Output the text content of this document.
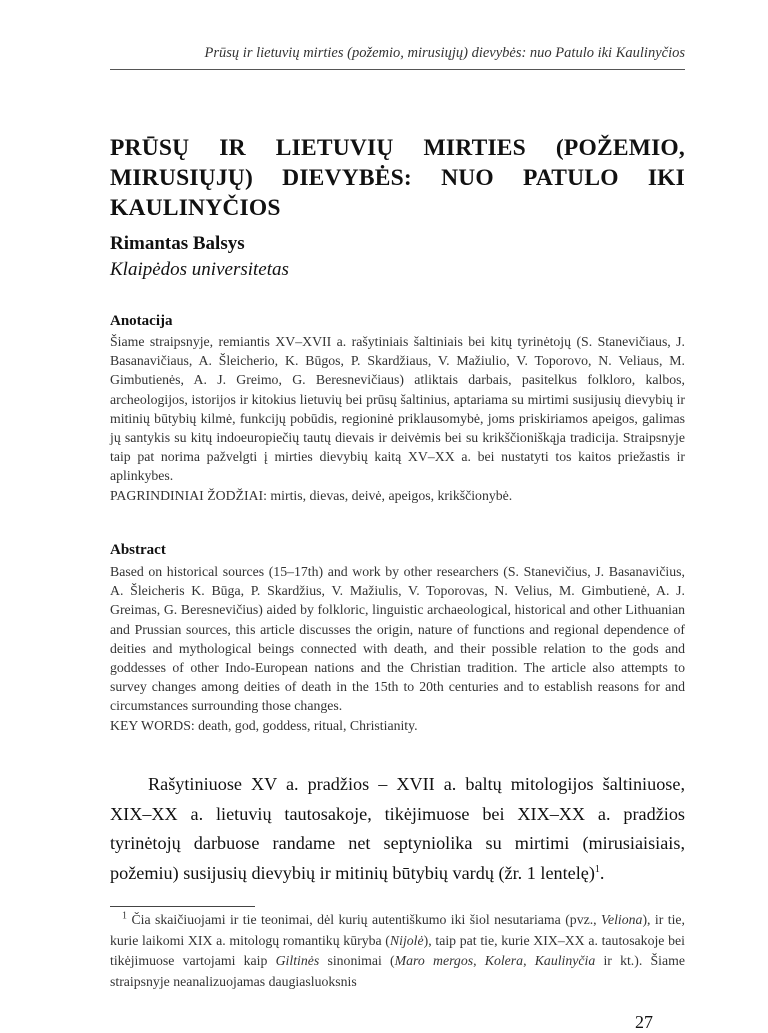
Prūsų ir lietuvių mirties (požemio, mirusiųjų) dievybės: nuo Patulo iki Kaulinyčios
PRŪSŲ IR LIETUVIŲ MIRTIES (POŽEMIO,
MIRUSIŲJŲ) DIEVYBĖS: NUO PATULO IKI
KAULINYČIOS
Rimantas Balsys
Klaipėdos universitetas
Anotacija

Šiame straipsnyje, remiantis XV–XVII a. rašytiniais šaltiniais bei kitų tyrinėtojų (S. Stanevičiaus, J. Basanavičiaus, A. Šleicherio, K. Būgos, P. Skardžiaus, V. Mažiulio, V. Toporovo, N. Veliaus, M. Gimbutienės, A. J. Greimo, G. Beresnevičiaus) atliktais darbais, pasitelkus folkloro, kalbos, archeologijos, istorijos ir kitokius lietuvių bei prūsų šaltinius, aptariama su mirtimi susijusių dievybių ir mitinių būtybių kilmė, funkcijų pobūdis, regioninė priklausomybė, joms priskiriamos apeigos, galimas jų santykis su kitų indoeuropiečių tautų dievais ir deivėmis bei su krikščioniškąja tradicija. Straipsnyje taip pat norima pažvelgti į mirties dievybių kaitą XV–XX a. bei nustatyti tos kaitos priežastis ir aplinkybes.

PAGRINDINIAI ŽODŽIAI: mirtis, dievas, deivė, apeigos, krikščionybė.

Abstract

Based on historical sources (15–17th) and work by other researchers (S. Stanevičius, J. Basanavičius, A. Šleicheris K. Būga, P. Skardžius, V. Mažiulis, V. Toporovas, N. Velius, M. Gimbutienė, A. J. Greimas, G. Beresnevičius) aided by folkloric, linguistic archaeological, historical and other Lithuanian and Prussian sources, this article discusses the origin, nature of functions and regional dependence of deities and mythological beings connected with death, and their possible relation to the gods and goddesses of other Indo-European nations and the Christian tradition. The article also attempts to survey changes among deities of death in the 15th to 20th centuries and to establish reasons for and circumstances surrounding those changes.

KEY WORDS: death, god, goddess, ritual, Christianity.

Rašytiniuose XV a. pradžios – XVII a. baltų mitologijos šaltiniuose, XIX–XX a. lietuvių tautosakoje, tikėjimuose bei XIX–XX a. pradžios tyrinėtojų darbuose randame net septyniolika su mirtimi (mirusiaisiais, požemiu) susijusių dievybių ir mitinių būtybių vardų (žr. 1 lentelę)$^1$.

$^1$ Čia skaičiuojami ir tie teonimai, dėl kurių autentiškumo iki šiol nesutariama (pvz., Veliona), ir tie, kurie laikomi XIX a. mitologų romantikų kūryba (Nijolė), taip pat tie, kurie XIX–XX a. tautosakoje bei tikėjimuose vartojami kaip Giltinės sinonimai (Maro mergos, Kolera, Kaulinyčia ir kt.). Šiame straipsnyje neanalizuojamas daugiasluoksnis

27
